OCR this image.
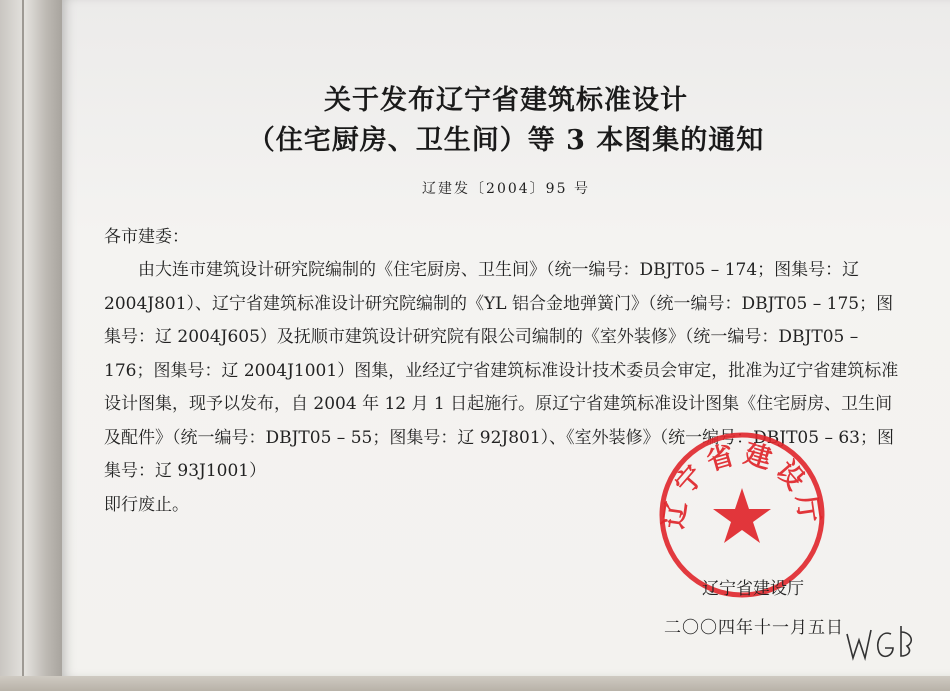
关于发布辽宁省建筑标准设计
（住宅厨房、卫生间）等 3 本图集的通知
辽建发〔2004〕95 号
各市建委：

由大连市建筑设计研究院编制的《住宅厨房、卫生间》（统一编号：DBJT05 – 174；图集号：辽 2004J801）、辽宁省建筑标准设计研究院编制的《YL 铝合金地弹簧门》（统一编号：DBJT05 – 175；图集号：辽 2004J605）及抚顺市建筑设计研究院有限公司编制的《室外装修》（统一编号：DBJT05 – 176；图集号：辽 2004J1001）图集，业经辽宁省建筑标准设计技术委员会审定，批准为辽宁省建筑标准设计图集，现予以发布，自 2004 年 12 月 1 日起施行。原辽宁省建筑标准设计图集《住宅厨房、卫生间及配件》（统一编号：DBJT05 – 55；图集号：辽 92J801）、《室外装修》（统一编号：DBJT05 – 63；图集号：辽 93J1001）

即行废止。	辽宁省建设厅
辽宁省建设厅
二〇〇四年十一月五日
